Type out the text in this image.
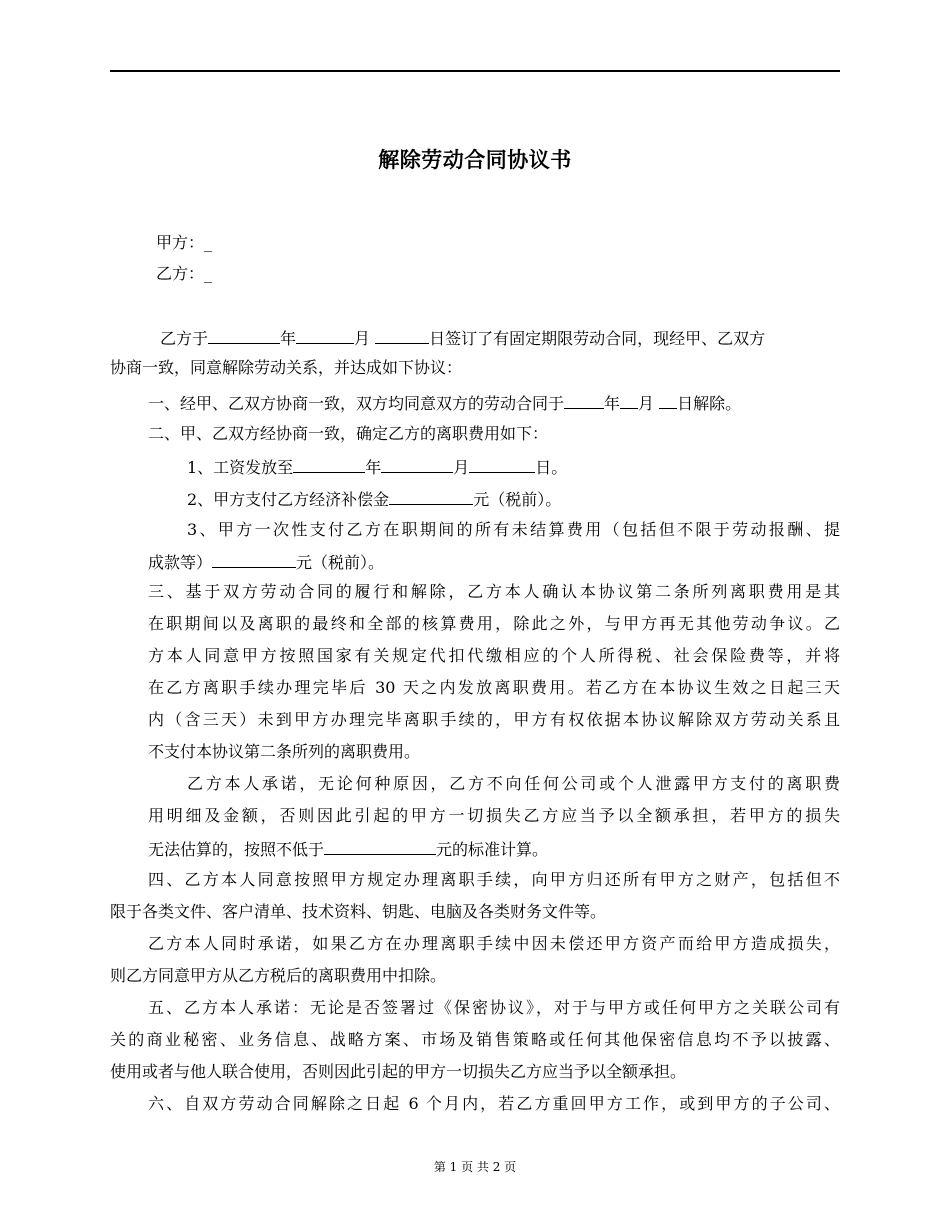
解除劳动合同协议书
甲方：_
乙方：_
乙方于	年	月	日签订了有固定期限劳动合同，现经甲、乙双方
协商一致，同意解除劳动关系，并达成如下协议：
一、经甲、乙双方协商一致，双方均同意双方的劳动合同于	年 月 日解除。
二、甲、乙双方经协商一致，确定乙方的离职费用如下：
1、工资发放至	年	月	日。
2、甲方支付乙方经济补偿金	元（税前）。
3、甲方一次性支付乙方在职期间的所有未结算费用（包括但不限于劳动报酬、提
成款等）	元（税前）。
三、基于双方劳动合同的履行和解除，乙方本人确认本协议第二条所列离职费用是其
在职期间以及离职的最终和全部的核算费用，除此之外，与甲方再无其他劳动争议。乙
方本人同意甲方按照国家有关规定代扣代缴相应的个人所得税、社会保险费等，并将
在乙方离职手续办理完毕后 30 天之内发放离职费用。若乙方在本协议生效之日起三天
内（含三天）未到甲方办理完毕离职手续的，甲方有权依据本协议解除双方劳动关系且
不支付本协议第二条所列的离职费用。
乙方本人承诺，无论何种原因，乙方不向任何公司或个人泄露甲方支付的离职费
用明细及金额，否则因此引起的甲方一切损失乙方应当予以全额承担，若甲方的损失
无法估算的，按照不低于	元的标准计算。
四、乙方本人同意按照甲方规定办理离职手续，向甲方归还所有甲方之财产，包括但不
限于各类文件、客户清单、技术资料、钥匙、电脑及各类财务文件等。
乙方本人同时承诺，如果乙方在办理离职手续中因未偿还甲方资产而给甲方造成损失，
则乙方同意甲方从乙方税后的离职费用中扣除。
五、乙方本人承诺：无论是否签署过《保密协议》，对于与甲方或任何甲方之关联公司有
关的商业秘密、业务信息、战略方案、市场及销售策略或任何其他保密信息均不予以披露、
使用或者与他人联合使用，否则因此引起的甲方一切损失乙方应当予以全额承担。
六、自双方劳动合同解除之日起 6 个月内，若乙方重回甲方工作，或到甲方的子公司、
第 1 页 共 2 页
